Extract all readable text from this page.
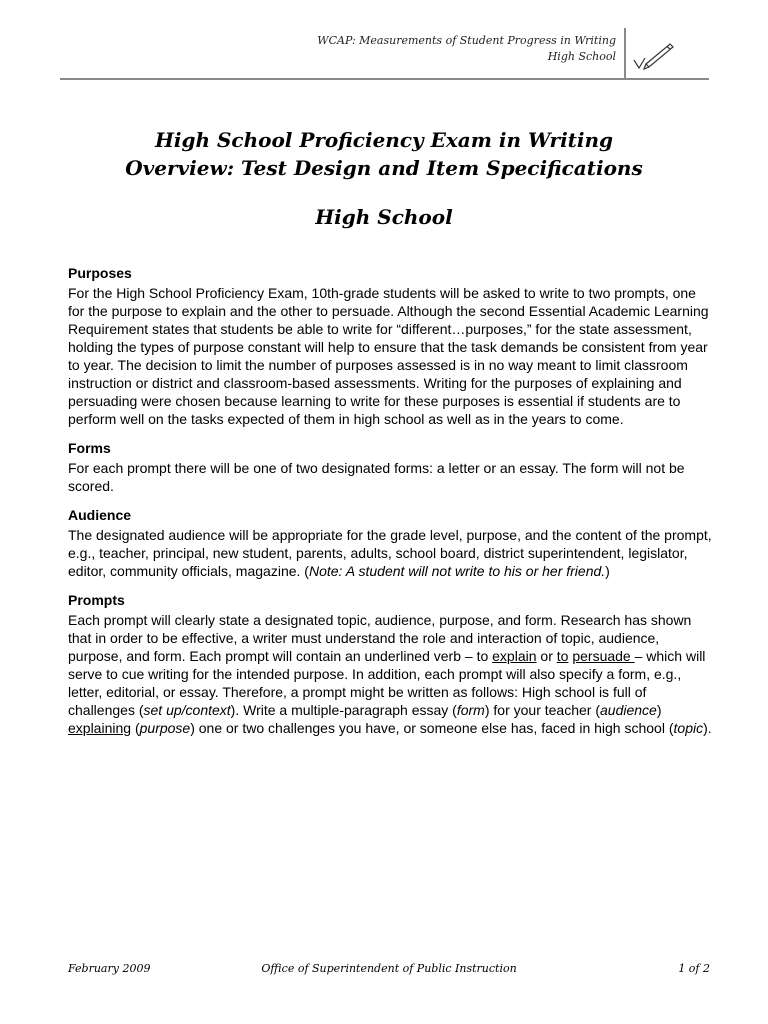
WCAP: Measurements of Student Progress in Writing
High School
High School Proficiency Exam in Writing
Overview: Test Design and Item Specifications
High School
Purposes

For the High School Proficiency Exam, 10th-grade students will be asked to write to two prompts, one for the purpose to explain and the other to persuade. Although the second Essential Academic Learning Requirement states that students be able to write for “different…purposes,” for the state assessment, holding the types of purpose constant will help to ensure that the task demands be consistent from year to year. The decision to limit the number of purposes assessed is in no way meant to limit classroom instruction or district and classroom-based assessments. Writing for the purposes of explaining and persuading were chosen because learning to write for these purposes is essential if students are to perform well on the tasks expected of them in high school as well as in the years to come.

Forms

For each prompt there will be one of two designated forms: a letter or an essay. The form will not be scored.

Audience

The designated audience will be appropriate for the grade level, purpose, and the content of the prompt, e.g., teacher, principal, new student, parents, adults, school board, district superintendent, legislator, editor, community officials, magazine. (Note: A student will not write to his or her friend.)

Prompts

Each prompt will clearly state a designated topic, audience, purpose, and form. Research has shown that in order to be effective, a writer must understand the role and interaction of topic, audience, purpose, and form. Each prompt will contain an underlined verb – to explain or to persuade – which will serve to cue writing for the intended purpose. In addition, each prompt will also specify a form, e.g., letter, editorial, or essay. Therefore, a prompt might be written as follows: High school is full of challenges (set up/context). Write a multiple-paragraph essay (form) for your teacher (audience) explaining (purpose) one or two challenges you have, or someone else has, faced in high school (topic).

February 2009	Office of Superintendent of Public Instruction	1 of 2
